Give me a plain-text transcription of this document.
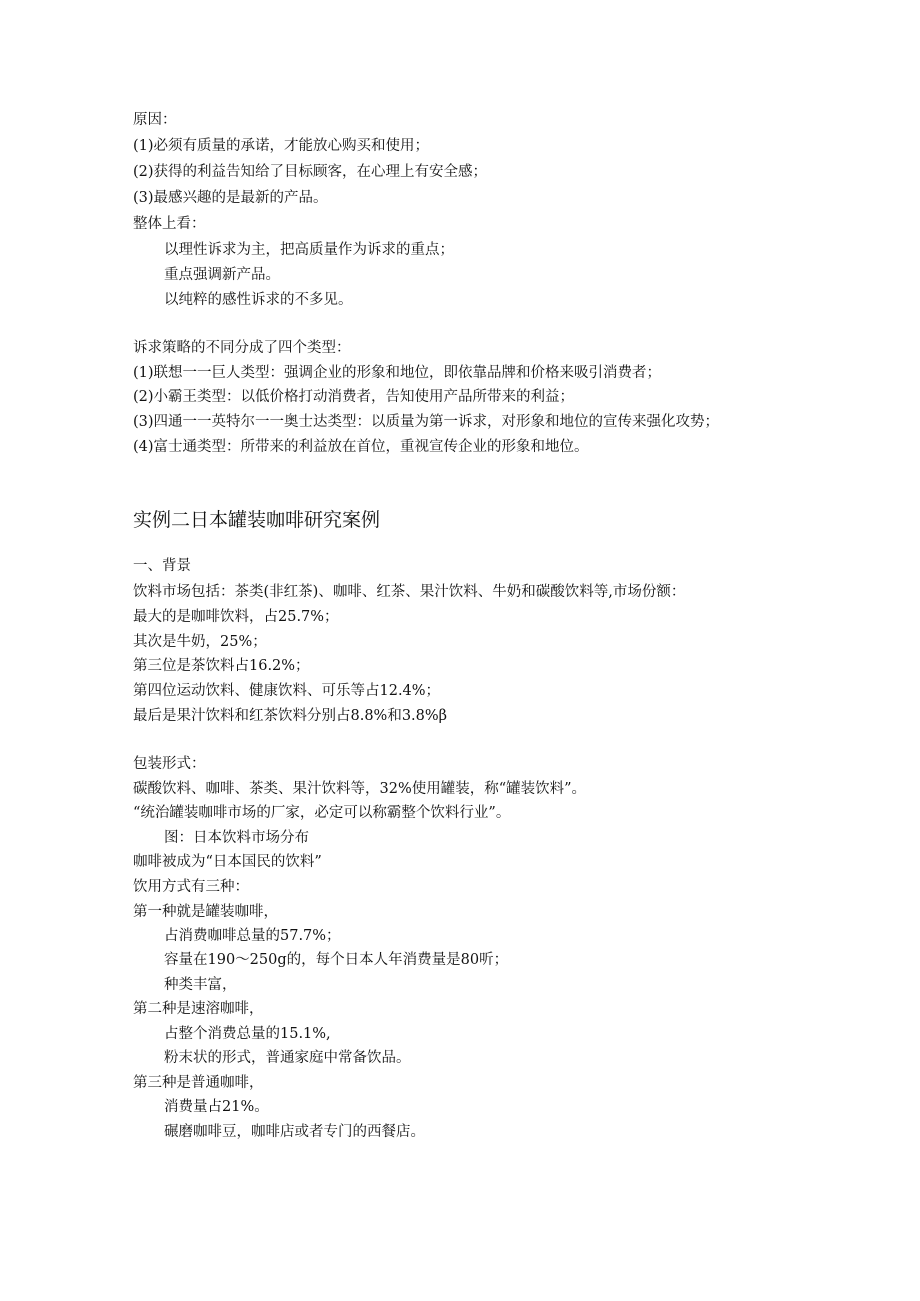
原因：

(1)必须有质量的承诺，才能放心购买和使用；

(2)获得的利益告知给了目标顾客，在心理上有安全感；

(3)最感兴趣的是最新的产品。

整体上看：

以理性诉求为主，把高质量作为诉求的重点；

重点强调新产品。

以纯粹的感性诉求的不多见。

诉求策略的不同分成了四个类型：

(1)联想一一巨人类型：强调企业的形象和地位，即依靠品牌和价格来吸引消费者；

(2)小霸王类型：以低价格打动消费者，告知使用产品所带来的利益；

(3)四通一一英特尔一一奥士达类型：以质量为第一诉求，对形象和地位的宣传来强化攻势；

(4)富士通类型：所带来的利益放在首位，重视宣传企业的形象和地位。

实例二日本罐装咖啡研究案例

一、背景

饮料市场包括：茶类(非红茶)、咖啡、红茶、果汁饮料、牛奶和碳酸饮料等,市场份额：

最大的是咖啡饮料，占25.7%；

其次是牛奶，25%；

第三位是茶饮料占16.2%；

第四位运动饮料、健康饮料、可乐等占12.4%；

最后是果汁饮料和红茶饮料分别占8.8%和3.8%β

包装形式：

碳酸饮料、咖啡、茶类、果汁饮料等，32%使用罐装，称“罐装饮料”。

“统治罐装咖啡市场的厂家，必定可以称霸整个饮料行业”。

图：日本饮料市场分布

咖啡被成为“日本国民的饮料”

饮用方式有三种：

第一种就是罐装咖啡，

占消费咖啡总量的57.7%；

容量在190～250g的，每个日本人年消费量是80听；

种类丰富，

第二种是速溶咖啡，

占整个消费总量的15.1%,

粉末状的形式，普通家庭中常备饮品。

第三种是普通咖啡，

消费量占21%。

碾磨咖啡豆，咖啡店或者专门的西餐店。
